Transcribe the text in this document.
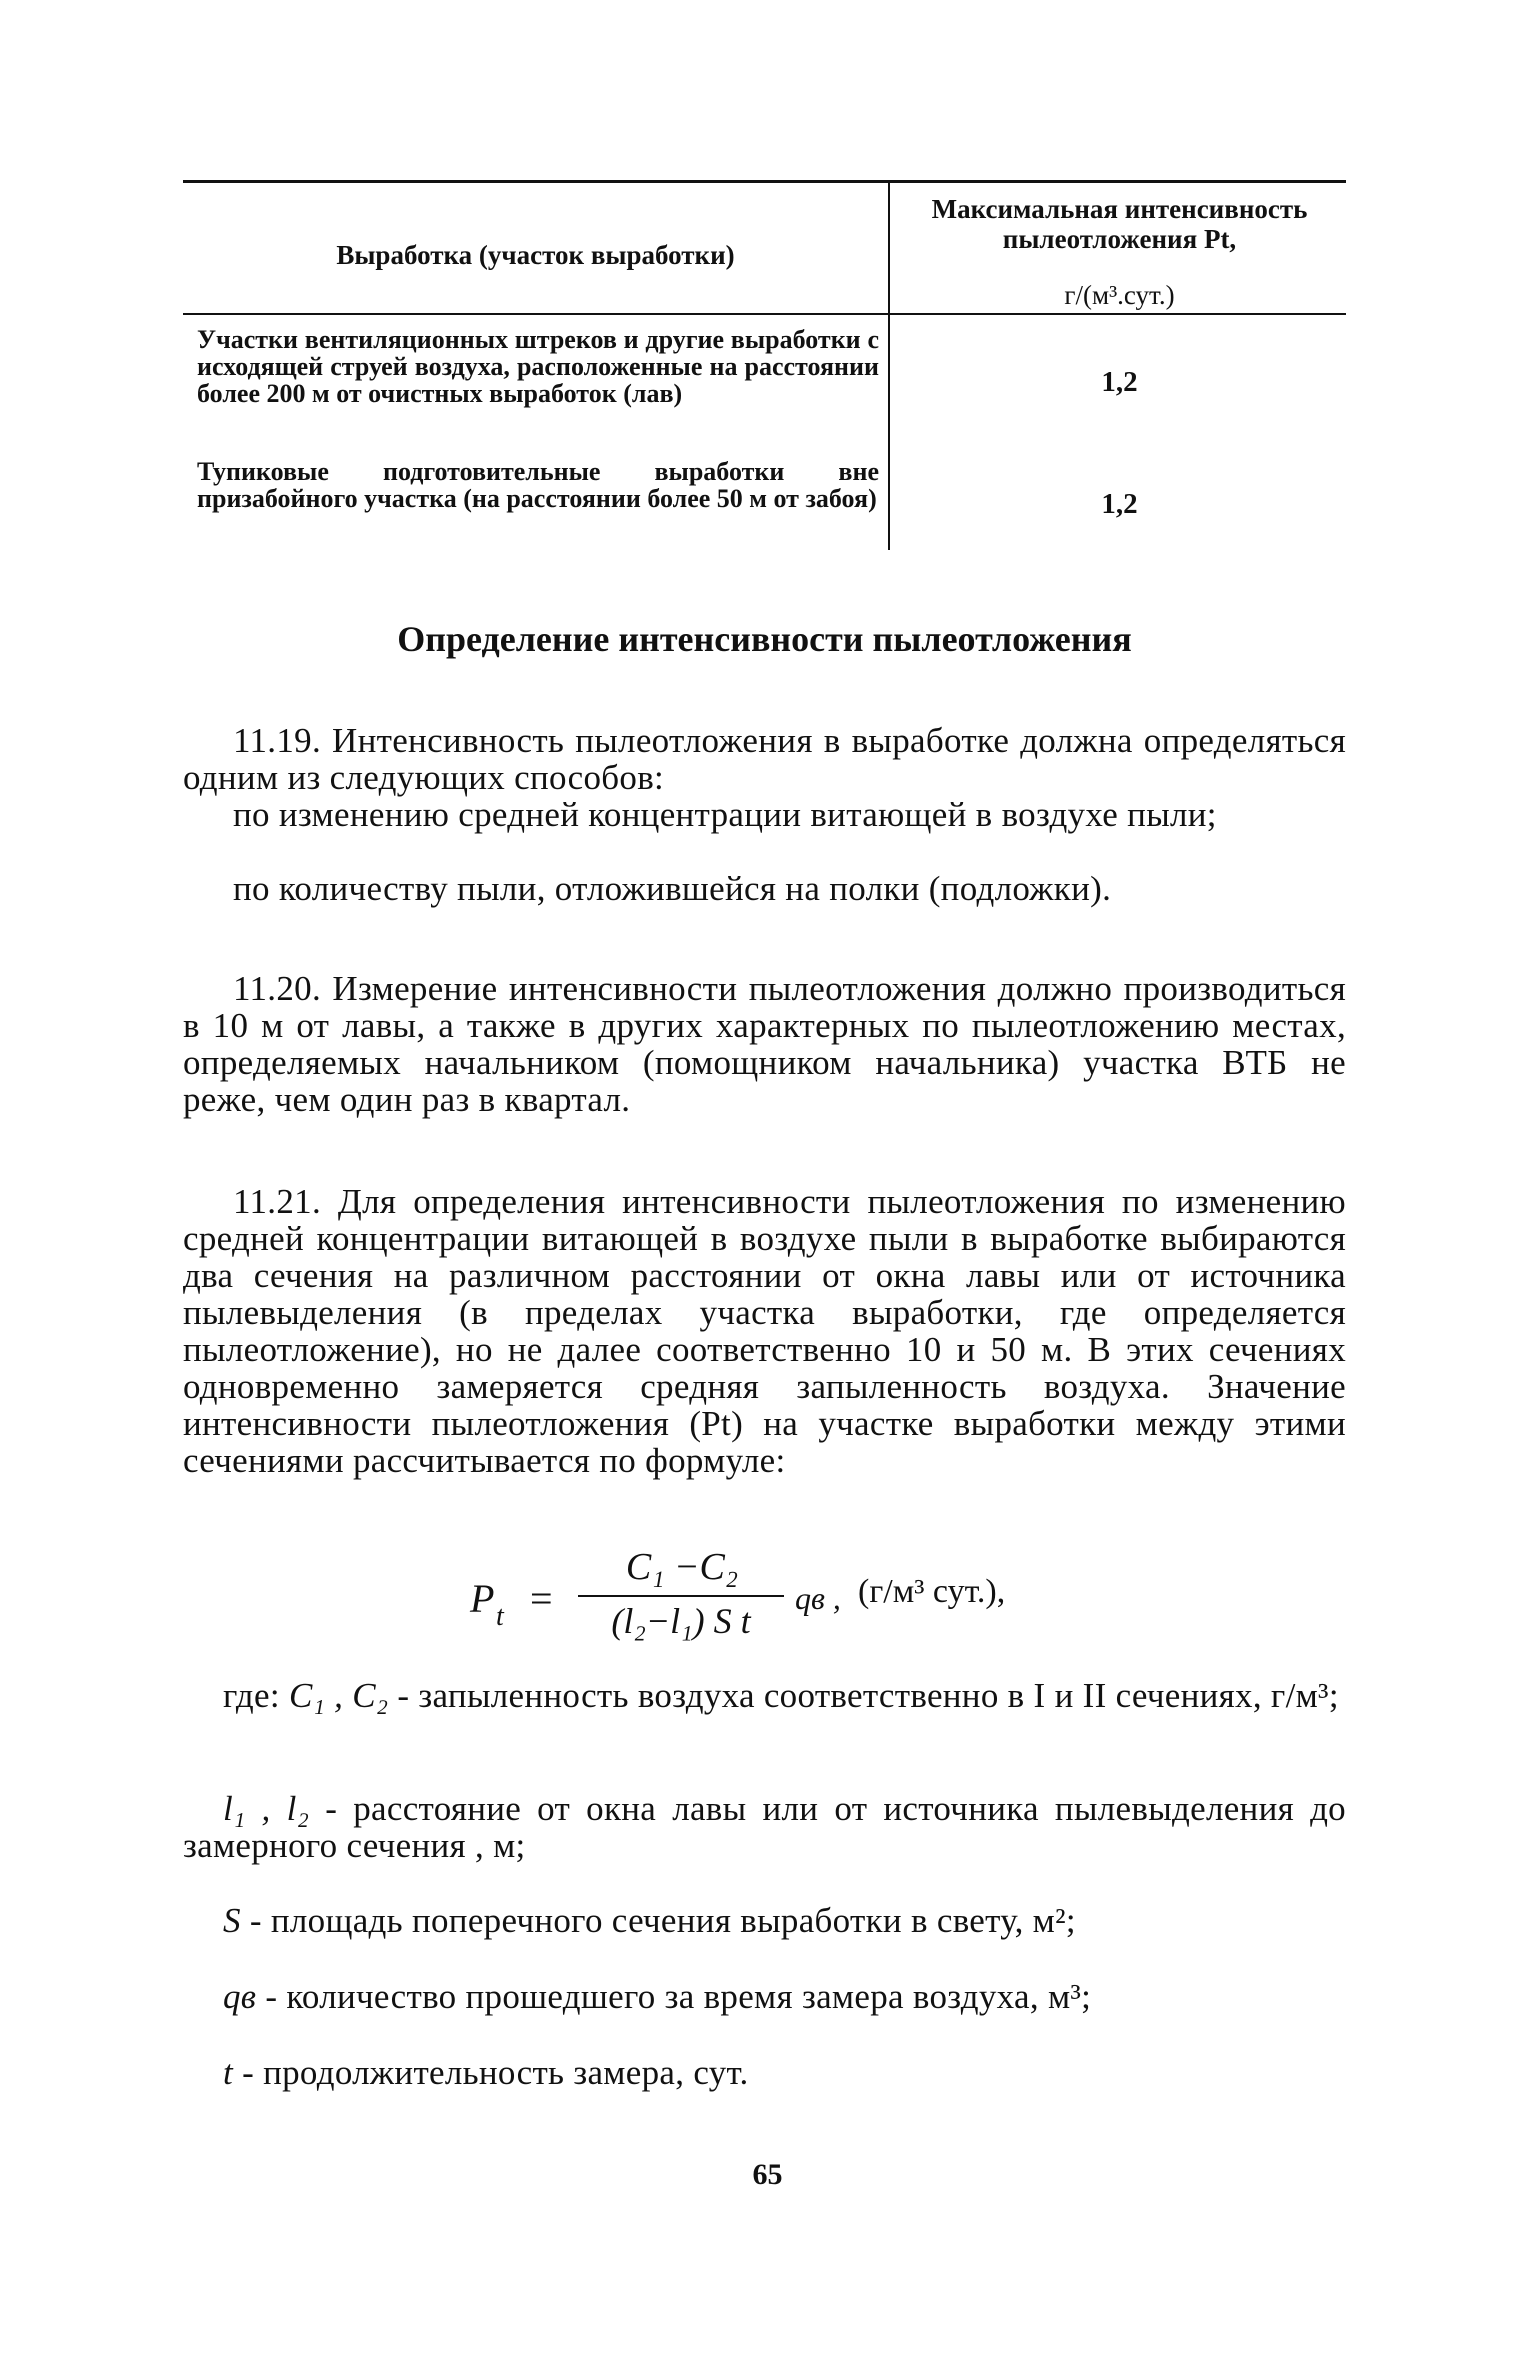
Выработка (участок выработки)
Максимальная интенсивность
пылеотложения Pt,
г/(м³.сут.)
Участки вентиляционных штреков и другие выработки с исходящей струей воздуха, расположенные на расстоянии более 200 м от очистных выработок (лав)	1,2
Тупиковые подготовительные выработки вне призабойного участка (на расстоянии более 50 м от забоя)	1,2
Определение интенсивности пылеотложения
11.19. Интенсивность пылеотложения в выработке должна определяться одним из следующих способов:
по изменению средней концентрации витающей в воздухе пыли;
по количеству пыли, отложившейся на полки (подложки).
11.20. Измерение интенсивности пылеотложения должно производиться в 10 м от лавы, а также в других характерных по пылеотложению местах, определяемых начальником (помощником начальника) участка ВТБ не реже, чем один раз в квартал.
11.21. Для определения интенсивности пылеотложения по изменению средней концентрации витающей в воздухе пыли в выработке выбираются два сечения на различном расстоянии от окна лавы или от источника пылевыделения (в пределах участка выработки, где определяется пылеотложение), но не далее соответственно 10 и 50 м. В этих сечениях одновременно замеряется средняя запыленность воздуха. Значение интенсивности пылеотложения (Pt) на участке выработки между этими сечениями рассчитывается по формуле:
P t =
C₁ −C₂
(l₂−l₁) S t
qв , (г/м³ сут.),
где: C₁ , C₂ - запыленность воздуха соответственно в I и II сечениях, г/м³;
l₁ , l₂ - расстояние от окна лавы или от источника пылевыделения до замерного сечения , м;
S - площадь поперечного сечения выработки в свету, м²;
qв - количество прошедшего за время замера воздуха, м³;
t - продолжительность замера, сут.
65
